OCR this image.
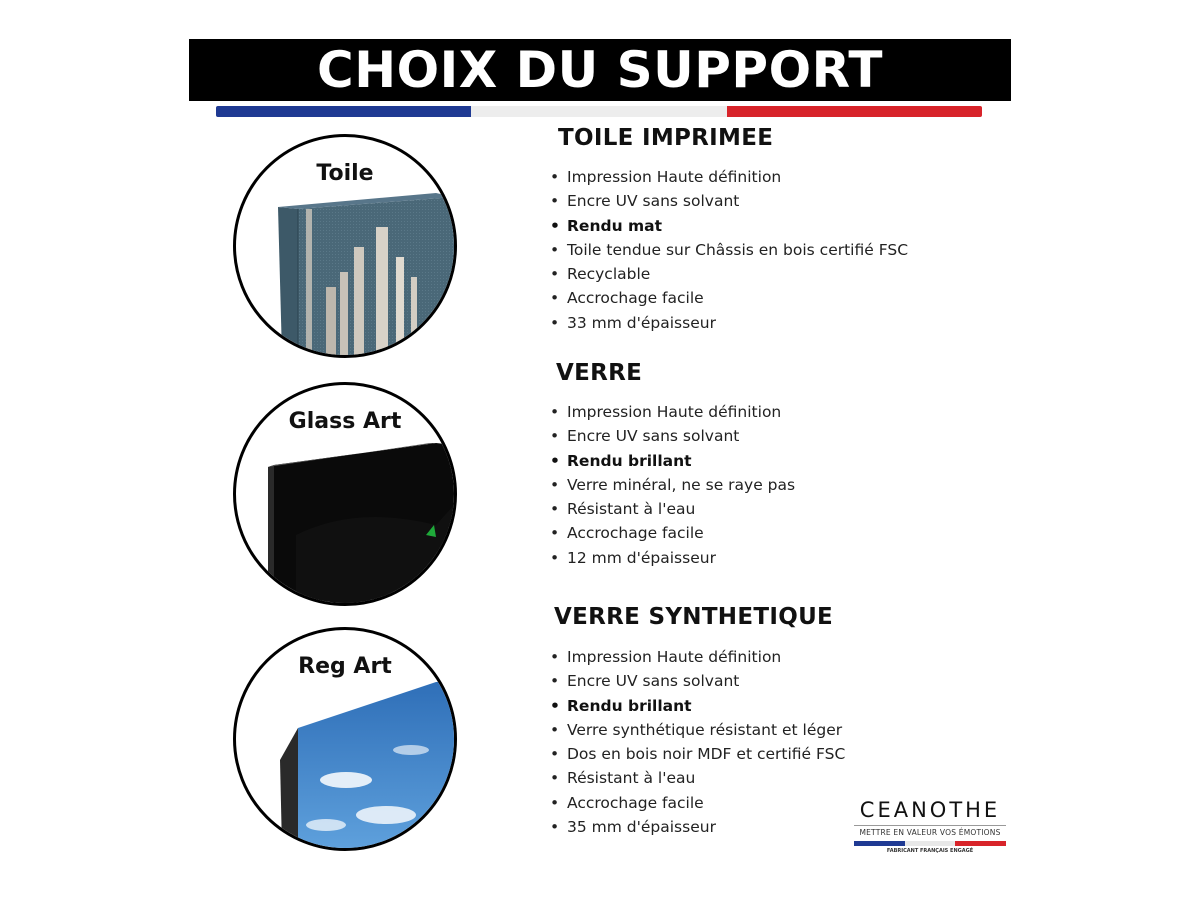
CHOIX DU SUPPORT
Toile
Glass Art
Reg Art
TOILE IMPRIMEE
• Impression Haute définition
• Encre UV sans solvant
• Rendu mat
• Toile tendue sur Châssis en bois certifié FSC
• Recyclable
• Accrochage facile
• 33 mm d'épaisseur
VERRE
• Impression Haute définition
• Encre UV sans solvant
• Rendu brillant
• Verre minéral, ne se raye pas
• Résistant à l'eau
• Accrochage facile
• 12 mm d'épaisseur
VERRE SYNTHETIQUE
• Impression Haute définition
• Encre UV sans solvant
• Rendu brillant
• Verre synthétique résistant et léger
• Dos en bois noir MDF et certifié FSC
• Résistant à l'eau
• Accrochage facile
• 35 mm d'épaisseur
CEANOTHE
METTRE EN VALEUR VOS ÉMOTIONS
FABRICANT FRANÇAIS ENGAGÉ
